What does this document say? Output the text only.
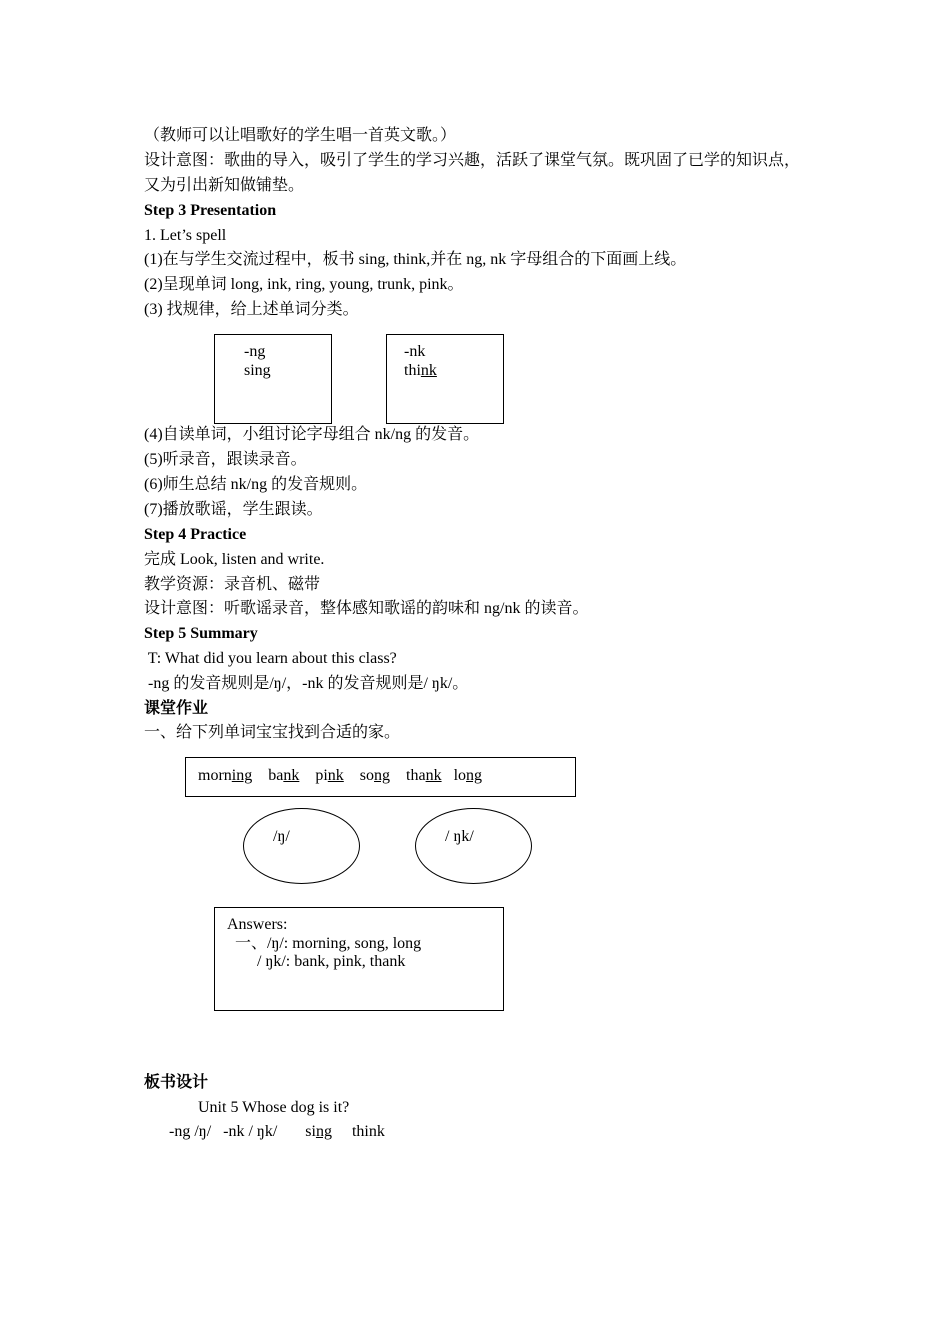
（教师可以让唱歌好的学生唱一首英文歌。）
设计意图：歌曲的导入，吸引了学生的学习兴趣，活跃了课堂气氛。既巩固了已学的知识点，
又为引出新知做铺垫。
Step 3 Presentation
1. Let’s spell
(1)在与学生交流过程中，板书 sing, think,并在 ng, nk 字母组合的下面画上线。
(2)呈现单词 long, ink, ring, young, trunk, pink。
(3) 找规律，给上述单词分类。
-ng
sing
-nk
think
(4)自读单词，小组讨论字母组合 nk/ng 的发音。
(5)听录音，跟读录音。
(6)师生总结 nk/ng 的发音规则。
(7)播放歌谣，学生跟读。
Step 4 Practice
完成 Look, listen and write.
教学资源：录音机、磁带
设计意图：听歌谣录音，整体感知歌谣的韵味和 ng/nk 的读音。
Step 5 Summary
T: What did you learn about this class?
-ng 的发音规则是/ŋ/，-nk 的发音规则是/ ŋk/。
课堂作业
一、给下列单词宝宝找到合适的家。
morning bank pink song thank long
/ŋ/	/ ŋk/
Answers:
一、/ŋ/: morning, song, long
/ ŋk/: bank, pink, thank
板书设计
Unit 5 Whose dog is it?
-ng /ŋ/ -nk / ŋk/ sing think
